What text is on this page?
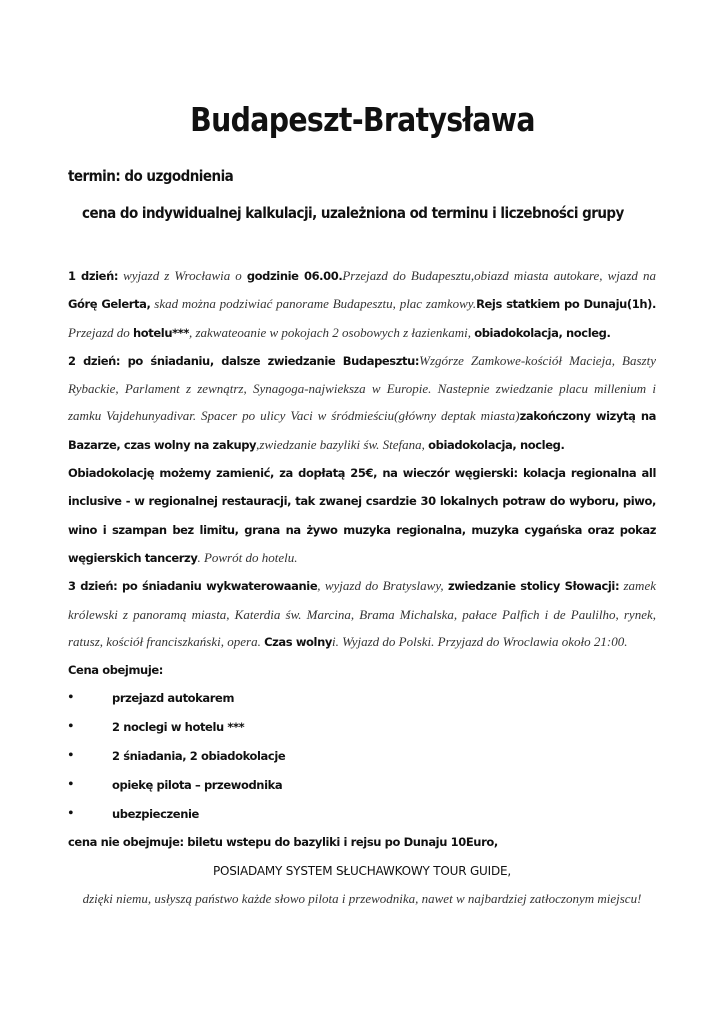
Budapeszt-Bratysława
termin: do uzgodnienia
cena do indywidualnej kalkulacji, uzależniona od terminu i liczebności grupy

1 dzień: wyjazd z Wrocławia o godzinie 06.00.Przejazd do Budapesztu,obiazd miasta autokare, wjazd na Górę Gelerta, skad można podziwiać panorame Budapesztu, plac zamkowy.Rejs statkiem po Dunaju(1h). Przejazd do hotelu***, zakwateoanie w pokojach 2 osobowych z łazienkami, obiadokolacja, nocleg.

2 dzień: po śniadaniu, dalsze zwiedzanie Budapesztu:Wzgórze Zamkowe-kościół Macieja, Baszty Rybackie, Parlament z zewnątrz, Synagoga-najwieksza w Europie. Nastepnie zwiedzanie placu millenium i zamku Vajdehunyadivar. Spacer po ulicy Vaci w śródmieściu(główny deptak miasta)zakończony wizytą na Bazarze, czas wolny na zakupy,zwiedzanie bazyliki św. Stefana, obiadokolacja, nocleg.

Obiadokolację możemy zamienić, za dopłatą 25€, na wieczór węgierski: kolacja regionalna all inclusive - w regionalnej restauracji, tak zwanej csardzie 30 lokalnych potraw do wyboru, piwo, wino i szampan bez limitu, grana na żywo muzyka regionalna, muzyka cygańska oraz pokaz węgierskich tancerzy. Powrót do hotelu.

3 dzień: po śniadaniu wykwaterowaanie, wyjazd do Bratyslawy, zwiedzanie stolicy Słowacji: zamek królewski z panoramą miasta, Katerdia św. Marcina, Brama Michalska, pałace Palfich i de Paulilho, rynek, ratusz, kościół franciszkański, opera. Czas wolnyi. Wyjazd do Polski. Przyjazd do Wroclawia około 21:00.

Cena obejmuje:

•	przejazd autokarem
•	2 noclegi w hotelu ***
•	2 śniadania, 2 obiadokolacje
•	opiekę pilota – przewodnika
•	ubezpieczenie

cena nie obejmuje: biletu wstepu do bazyliki i rejsu po Dunaju 10Euro,

POSIADAMY SYSTEM SŁUCHAWKOWY TOUR GUIDE,

dzięki niemu, usłyszą państwo każde słowo pilota i przewodnika, nawet w najbardziej zatłoczonym miejscu!
